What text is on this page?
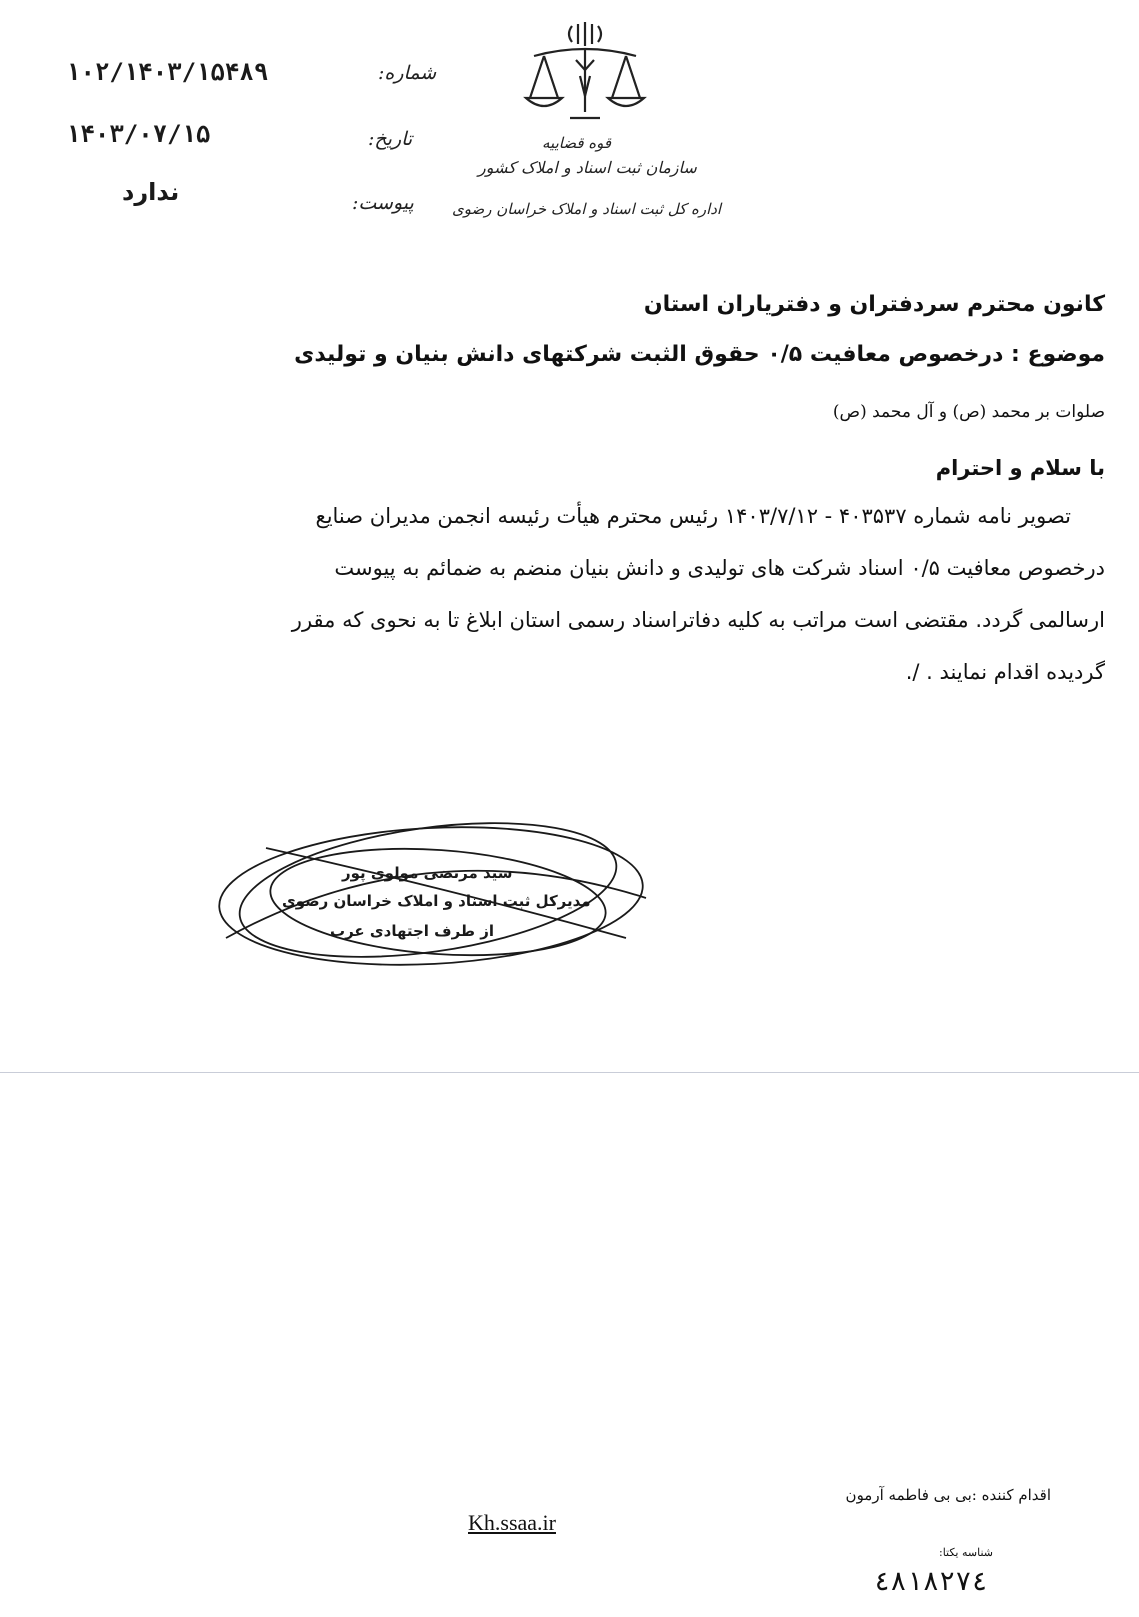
قوه قضاییه
سازمان ثبت اسناد و املاک کشور
اداره کل ثبت اسناد و املاک خراسان رضوی
شماره:
۱۰۲/۱۴۰۳/۱۵۴۸۹
تاریخ:
۱۴۰۳/۰۷/۱۵
پیوست:
ندارد
کانون محترم سردفتران و دفتریاران استان
موضوع : درخصوص معافیت ۰/۵ حقوق الثبت شرکتهای دانش بنیان و تولیدی
صلوات بر محمد (ص) و آل محمد (ص)
با سلام و احترام
تصویر نامه شماره ۴۰۳۵۳۷ - ۱۴۰۳/۷/۱۲ رئیس محترم هیأت رئیسه انجمن مدیران صنایع
درخصوص معافیت ۰/۵ اسناد شرکت های تولیدی و دانش بنیان منضم به ضمائم به پیوست
ارسالمی گردد. مقتضی است مراتب به کلیه دفاتراسناد رسمی استان ابلاغ تا به نحوی که مقرر
گردیده اقدام نمایند . /.
سید مرتضی مولوی پور
مدیرکل ثبت اسناد و املاک خراسان رضوی
از طرف اجتهادی عرب
اقدام کننده :بی بی فاطمه آرمون
Kh.ssaa.ir
شناسه یکتا:
٤٨١٨٢٧٤
